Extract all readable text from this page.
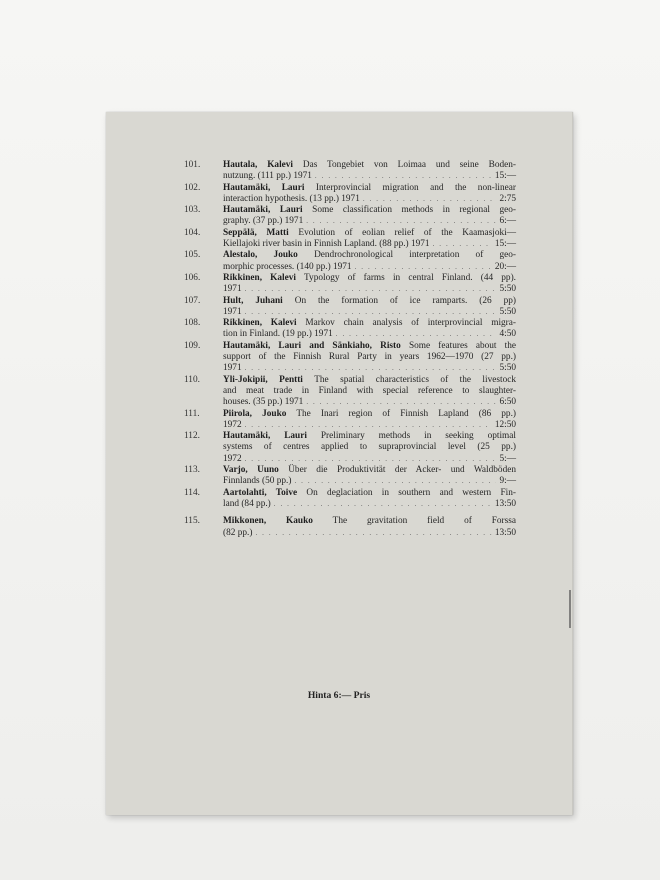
101.	Hautala, Kalevi Das Tongebiet von Loimaa und seine Boden-
nutzung. (111 pp.) 1971 . . .	15:—
102.	Hautamäki, Lauri Interprovincial migration and the non-linear
interaction hypothesis. (13 pp.) 1971 . . .	2:75
103.	Hautamäki, Lauri Some classification methods in regional geo-
graphy. (37 pp.) 1971 . . .	6:—
104.	Seppälä, Matti Evolution of eolian relief of the Kaamasjoki—
Kiellajoki river basin in Finnish Lapland. (88 pp.) 1971 . . .	15:—
105.	Alestalo, Jouko Dendrochronological interpretation of geo-
morphic processes. (140 pp.) 1971 . . .	20:—
106.	Rikkinen, Kalevi Typology of farms in central Finland. (44 pp).
1971 . . .	5:50
107.	Hult, Juhani On the formation of ice ramparts. (26 pp)
1971 . . .	5:50
108.	Rikkinen, Kalevi Markov chain analysis of interprovincial migra-
tion in Finland. (19 pp.) 1971 . . .	4:50
109.	Hautamäki, Lauri and Sänkiaho, Risto Some features about the
support of the Finnish Rural Party in years 1962—1970 (27 pp.)
1971 . . .	5:50
110.	Yli-Jokipii, Pentti The spatial characteristics of the livestock
and meat trade in Finland with special reference to slaughter-
houses. (35 pp.) 1971 . . .	6:50
111.	Piirola, Jouko The Inari region of Finnish Lapland (86 pp.)
1972 . . .	12:50
112.	Hautamäki, Lauri Preliminary methods in seeking optimal
systems of centres applied to supraprovincial level (25 pp.)
1972 . . .	5:—
113.	Varjo, Uuno Über die Produktivität der Acker- und Waldböden
Finnlands (50 pp.) . . .	9:—
114.	Aartolahti, Toive On deglaciation in southern and western Fin-
land (84 pp.) . . .	13:50
115.	Mikkonen, Kauko The gravitation field of Forssa
(82 pp.) . . .	13:50
Hinta 6:— Pris
